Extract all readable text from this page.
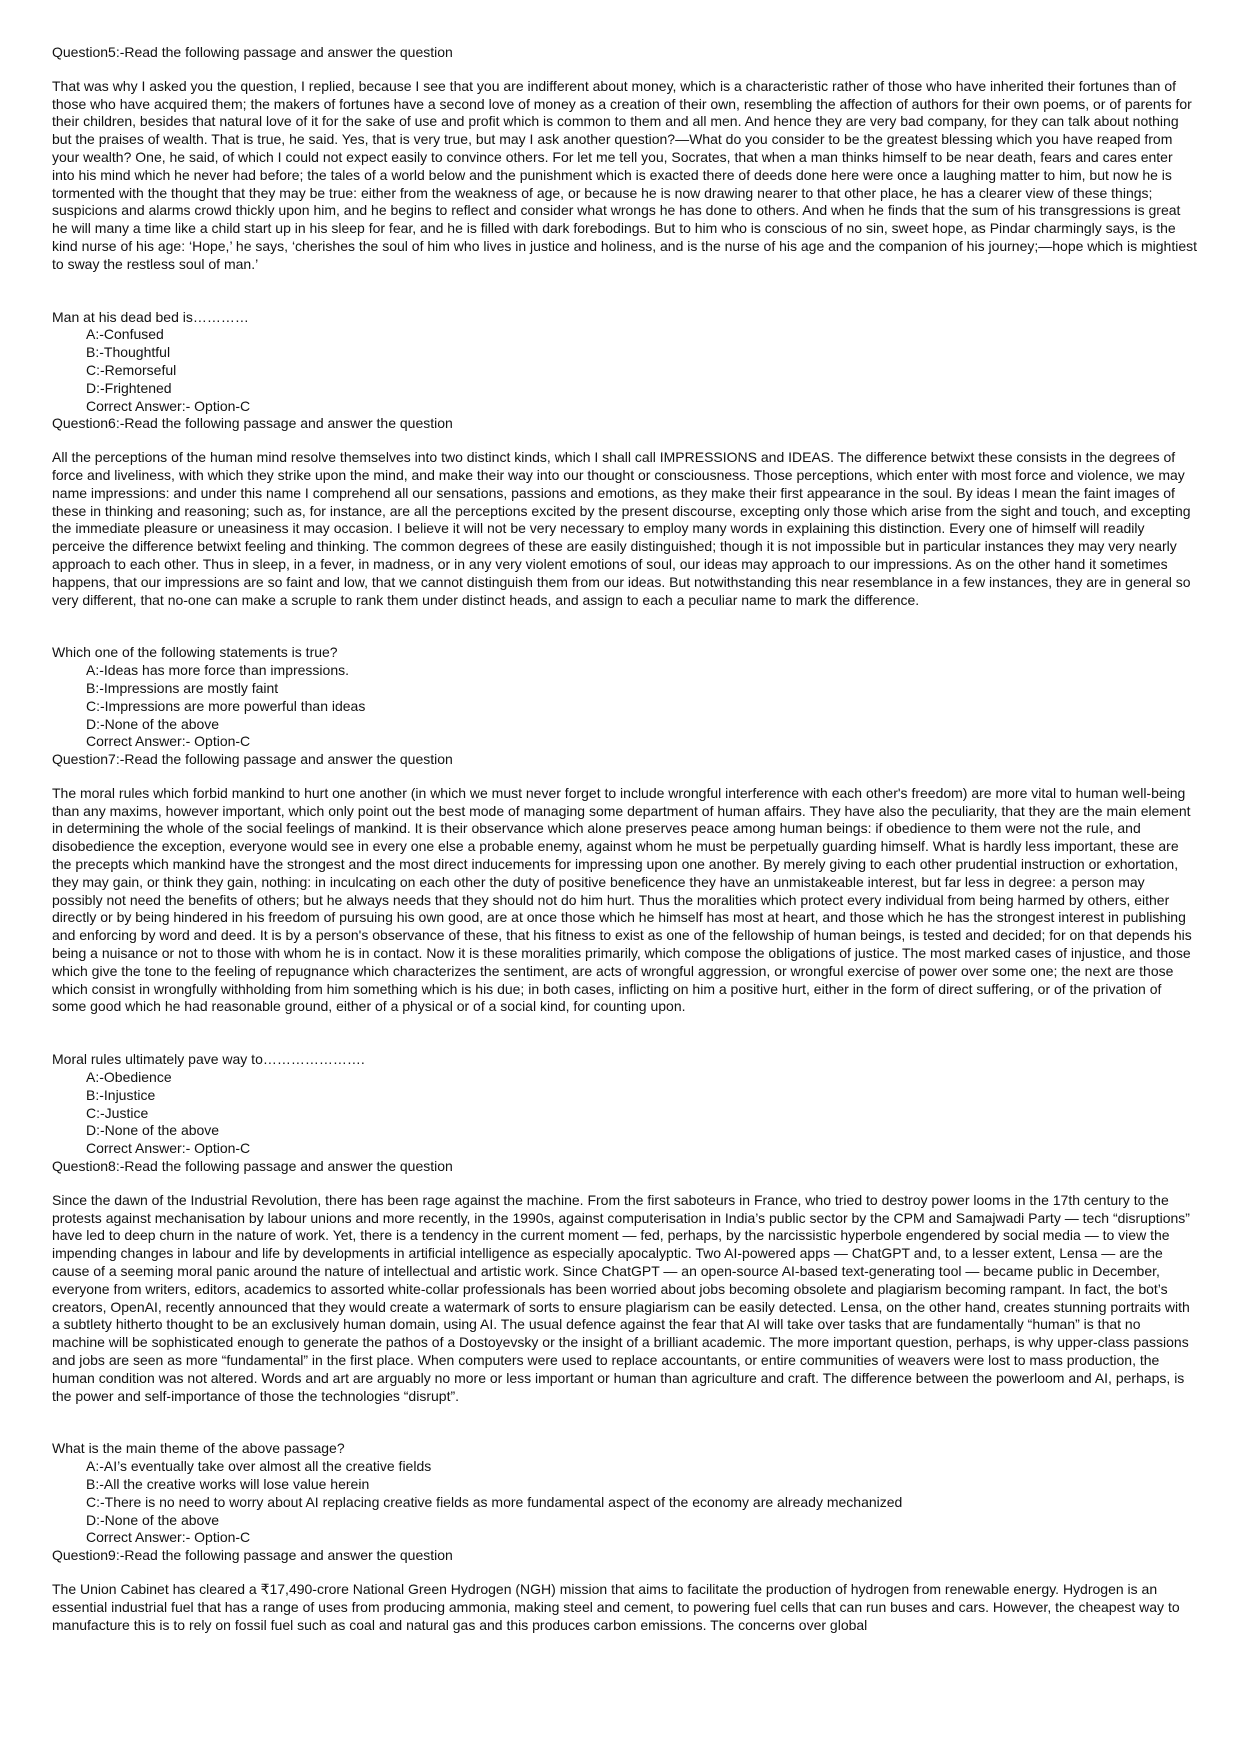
Question5:-Read the following passage and answer the question

That was why I asked you the question, I replied, because I see that you are indifferent about money, which is a characteristic rather of those who have inherited their fortunes than of those who have acquired them; the makers of fortunes have a second love of money as a creation of their own, resembling the affection of authors for their own poems, or of parents for their children, besides that natural love of it for the sake of use and profit which is common to them and all men. And hence they are very bad company, for they can talk about nothing but the praises of wealth. That is true, he said. Yes, that is very true, but may I ask another question?—What do you consider to be the greatest blessing which you have reaped from your wealth? One, he said, of which I could not expect easily to convince others. For let me tell you, Socrates, that when a man thinks himself to be near death, fears and cares enter into his mind which he never had before; the tales of a world below and the punishment which is exacted there of deeds done here were once a laughing matter to him, but now he is tormented with the thought that they may be true: either from the weakness of age, or because he is now drawing nearer to that other place, he has a clearer view of these things; suspicions and alarms crowd thickly upon him, and he begins to reflect and consider what wrongs he has done to others. And when he finds that the sum of his transgressions is great he will many a time like a child start up in his sleep for fear, and he is filled with dark forebodings. But to him who is conscious of no sin, sweet hope, as Pindar charmingly says, is the kind nurse of his age: ‘Hope,’ he says, ‘cherishes the soul of him who lives in justice and holiness, and is the nurse of his age and the companion of his journey;—hope which is mightiest to sway the restless soul of man.’

Man at his dead bed is…………

A:-Confused
B:-Thoughtful
C:-Remorseful
D:-Frightened

Correct Answer:- Option-C

Question6:-Read the following passage and answer the question

All the perceptions of the human mind resolve themselves into two distinct kinds, which I shall call IMPRESSIONS and IDEAS. The difference betwixt these consists in the degrees of force and liveliness, with which they strike upon the mind, and make their way into our thought or consciousness. Those perceptions, which enter with most force and violence, we may name impressions: and under this name I comprehend all our sensations, passions and emotions, as they make their first appearance in the soul. By ideas I mean the faint images of these in thinking and reasoning; such as, for instance, are all the perceptions excited by the present discourse, excepting only those which arise from the sight and touch, and excepting the immediate pleasure or uneasiness it may occasion. I believe it will not be very necessary to employ many words in explaining this distinction. Every one of himself will readily perceive the difference betwixt feeling and thinking. The common degrees of these are easily distinguished; though it is not impossible but in particular instances they may very nearly approach to each other. Thus in sleep, in a fever, in madness, or in any very violent emotions of soul, our ideas may approach to our impressions. As on the other hand it sometimes happens, that our impressions are so faint and low, that we cannot distinguish them from our ideas. But notwithstanding this near resemblance in a few instances, they are in general so very different, that no-one can make a scruple to rank them under distinct heads, and assign to each a peculiar name to mark the difference.

Which one of the following statements is true?

A:-Ideas has more force than impressions.
B:-Impressions are mostly faint
C:-Impressions are more powerful than ideas
D:-None of the above

Correct Answer:- Option-C

Question7:-Read the following passage and answer the question

The moral rules which forbid mankind to hurt one another (in which we must never forget to include wrongful interference with each other's freedom) are more vital to human well-being than any maxims, however important, which only point out the best mode of managing some department of human affairs. They have also the peculiarity, that they are the main element in determining the whole of the social feelings of mankind. It is their observance which alone preserves peace among human beings: if obedience to them were not the rule, and disobedience the exception, everyone would see in every one else a probable enemy, against whom he must be perpetually guarding himself. What is hardly less important, these are the precepts which mankind have the strongest and the most direct inducements for impressing upon one another. By merely giving to each other prudential instruction or exhortation, they may gain, or think they gain, nothing: in inculcating on each other the duty of positive beneficence they have an unmistakeable interest, but far less in degree: a person may possibly not need the benefits of others; but he always needs that they should not do him hurt. Thus the moralities which protect every individual from being harmed by others, either directly or by being hindered in his freedom of pursuing his own good, are at once those which he himself has most at heart, and those which he has the strongest interest in publishing and enforcing by word and deed. It is by a person's observance of these, that his fitness to exist as one of the fellowship of human beings, is tested and decided; for on that depends his being a nuisance or not to those with whom he is in contact. Now it is these moralities primarily, which compose the obligations of justice. The most marked cases of injustice, and those which give the tone to the feeling of repugnance which characterizes the sentiment, are acts of wrongful aggression, or wrongful exercise of power over some one; the next are those which consist in wrongfully withholding from him something which is his due; in both cases, inflicting on him a positive hurt, either in the form of direct suffering, or of the privation of some good which he had reasonable ground, either of a physical or of a social kind, for counting upon.

Moral rules ultimately pave way to………………….

A:-Obedience
B:-Injustice
C:-Justice
D:-None of the above

Correct Answer:- Option-C

Question8:-Read the following passage and answer the question

Since the dawn of the Industrial Revolution, there has been rage against the machine. From the first saboteurs in France, who tried to destroy power looms in the 17th century to the protests against mechanisation by labour unions and more recently, in the 1990s, against computerisation in India’s public sector by the CPM and Samajwadi Party — tech “disruptions” have led to deep churn in the nature of work. Yet, there is a tendency in the current moment — fed, perhaps, by the narcissistic hyperbole engendered by social media — to view the impending changes in labour and life by developments in artificial intelligence as especially apocalyptic. Two AI-powered apps — ChatGPT and, to a lesser extent, Lensa — are the cause of a seeming moral panic around the nature of intellectual and artistic work. Since ChatGPT — an open-source AI-based text-generating tool — became public in December, everyone from writers, editors, academics to assorted white-collar professionals has been worried about jobs becoming obsolete and plagiarism becoming rampant. In fact, the bot’s creators, OpenAI, recently announced that they would create a watermark of sorts to ensure plagiarism can be easily detected. Lensa, on the other hand, creates stunning portraits with a subtlety hitherto thought to be an exclusively human domain, using AI. The usual defence against the fear that AI will take over tasks that are fundamentally “human” is that no machine will be sophisticated enough to generate the pathos of a Dostoyevsky or the insight of a brilliant academic. The more important question, perhaps, is why upper-class passions and jobs are seen as more “fundamental” in the first place. When computers were used to replace accountants, or entire communities of weavers were lost to mass production, the human condition was not altered. Words and art are arguably no more or less important or human than agriculture and craft. The difference between the powerloom and AI, perhaps, is the power and self-importance of those the technologies “disrupt”.

What is the main theme of the above passage?

A:-AI’s eventually take over almost all the creative fields
B:-All the creative works will lose value herein
C:-There is no need to worry about AI replacing creative fields as more fundamental aspect of the economy are already mechanized
D:-None of the above

Correct Answer:- Option-C

Question9:-Read the following passage and answer the question

The Union Cabinet has cleared a ₹17,490-crore National Green Hydrogen (NGH) mission that aims to facilitate the production of hydrogen from renewable energy. Hydrogen is an essential industrial fuel that has a range of uses from producing ammonia, making steel and cement, to powering fuel cells that can run buses and cars. However, the cheapest way to manufacture this is to rely on fossil fuel such as coal and natural gas and this produces carbon emissions. The concerns over global
